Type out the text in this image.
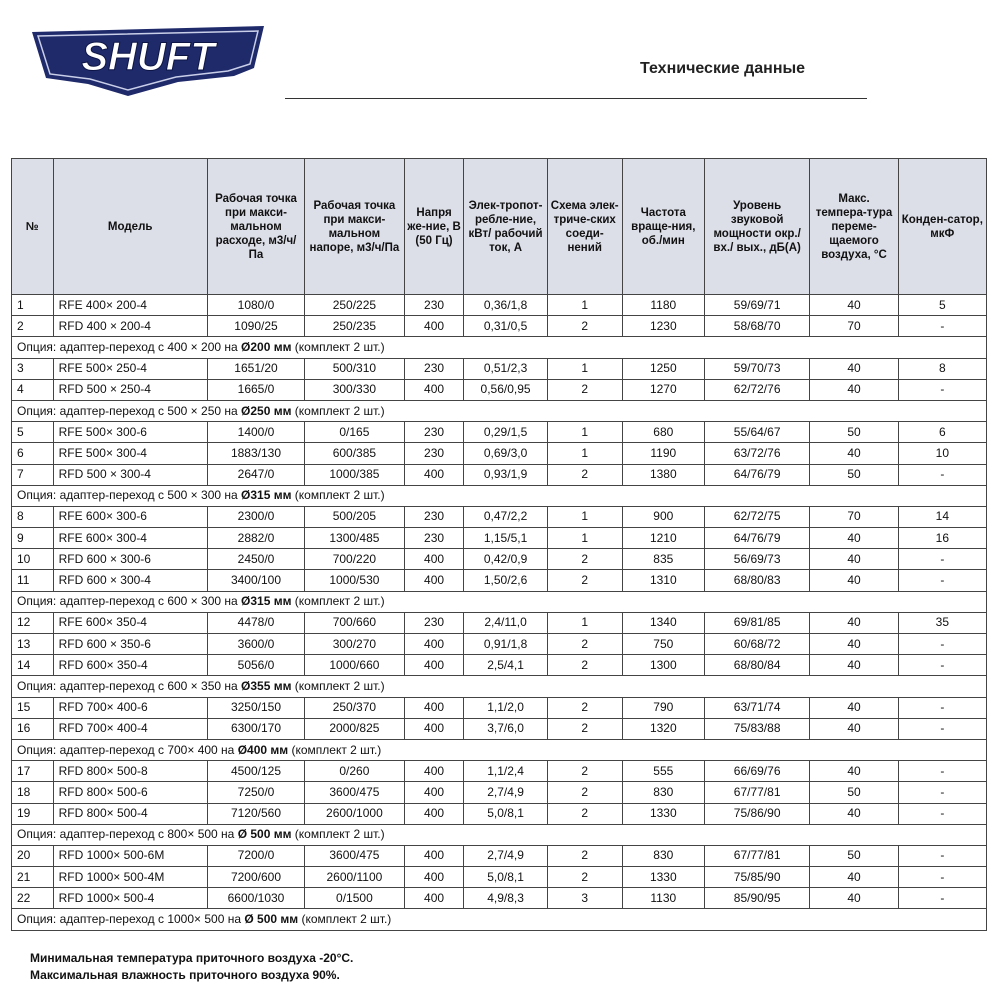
SHUFT	Технические данные
№	Модель	Рабочая точка при макси-мальном расходе, м3/ч/Па	Рабочая точка при макси-мальном напоре, м3/ч/Па	Напря жe-ние, В (50 Гц)	Элек-тропот-ребле-ние, кВт/ рабочий ток, А	Схема элек-триче-ских соеди-нений	Частота враще-ния, об./мин	Уровень звуковой мощности окр./вх./ вых., дБ(А)	Макс. темпера-тура переме-щаемого воздуха, °С	Конден-сатор, мкФ
1	RFE 400× 200-4	1080/0	250/225	230	0,36/1,8	1	1180	59/69/71	40	5
2	RFD 400 × 200-4	1090/25	250/235	400	0,31/0,5	2	1230	58/68/70	70	-
Опция: адаптер-переход с 400 × 200 на Ø200 мм (комплект 2 шт.)										
3	RFE 500× 250-4	1651/20	500/310	230	0,51/2,3	1	1250	59/70/73	40	8
4	RFD 500 × 250-4	1665/0	300/330	400	0,56/0,95	2	1270	62/72/76	40	-
Опция: адаптер-переход с 500 × 250 на Ø250 мм (комплект 2 шт.)										
5	RFE 500× 300-6	1400/0	0/165	230	0,29/1,5	1	680	55/64/67	50	6
6	RFE 500× 300-4	1883/130	600/385	230	0,69/3,0	1	1190	63/72/76	40	10
7	RFD 500 × 300-4	2647/0	1000/385	400	0,93/1,9	2	1380	64/76/79	50	-
Опция: адаптер-переход с 500 × 300 на Ø315 мм (комплект 2 шт.)										
8	RFE 600× 300-6	2300/0	500/205	230	0,47/2,2	1	900	62/72/75	70	14
9	RFE 600× 300-4	2882/0	1300/485	230	1,15/5,1	1	1210	64/76/79	40	16
10	RFD 600 × 300-6	2450/0	700/220	400	0,42/0,9	2	835	56/69/73	40	-
11	RFD 600 × 300-4	3400/100	1000/530	400	1,50/2,6	2	1310	68/80/83	40	-
Опция: адаптер-переход с 600 × 300 на Ø315 мм (комплект 2 шт.)										
12	RFE 600× 350-4	4478/0	700/660	230	2,4/11,0	1	1340	69/81/85	40	35
13	RFD 600 × 350-6	3600/0	300/270	400	0,91/1,8	2	750	60/68/72	40	-
14	RFD 600× 350-4	5056/0	1000/660	400	2,5/4,1	2	1300	68/80/84	40	-
Опция: адаптер-переход с 600 × 350 на Ø355 мм (комплект 2 шт.)										
15	RFD 700× 400-6	3250/150	250/370	400	1,1/2,0	2	790	63/71/74	40	-
16	RFD 700× 400-4	6300/170	2000/825	400	3,7/6,0	2	1320	75/83/88	40	-
Опция: адаптер-переход с 700× 400 на Ø400 мм (комплект 2 шт.)										
17	RFD 800× 500-8	4500/125	0/260	400	1,1/2,4	2	555	66/69/76	40	-
18	RFD 800× 500-6	7250/0	3600/475	400	2,7/4,9	2	830	67/77/81	50	-
19	RFD 800× 500-4	7120/560	2600/1000	400	5,0/8,1	2	1330	75/86/90	40	-
Опция: адаптер-переход с 800× 500 на Ø 500 мм (комплект 2 шт.)										
20	RFD 1000× 500-6M	7200/0	3600/475	400	2,7/4,9	2	830	67/77/81	50	-
21	RFD 1000× 500-4M	7200/600	2600/1100	400	5,0/8,1	2	1330	75/85/90	40	-
22	RFD 1000× 500-4	6600/1030	0/1500	400	4,9/8,3	3	1130	85/90/95	40	-
Опция: адаптер-переход с 1000× 500 на Ø 500 мм (комплект 2 шт.)										
Минимальная температура приточного воздуха -20°С.
Максимальная влажность приточного воздуха 90%.
